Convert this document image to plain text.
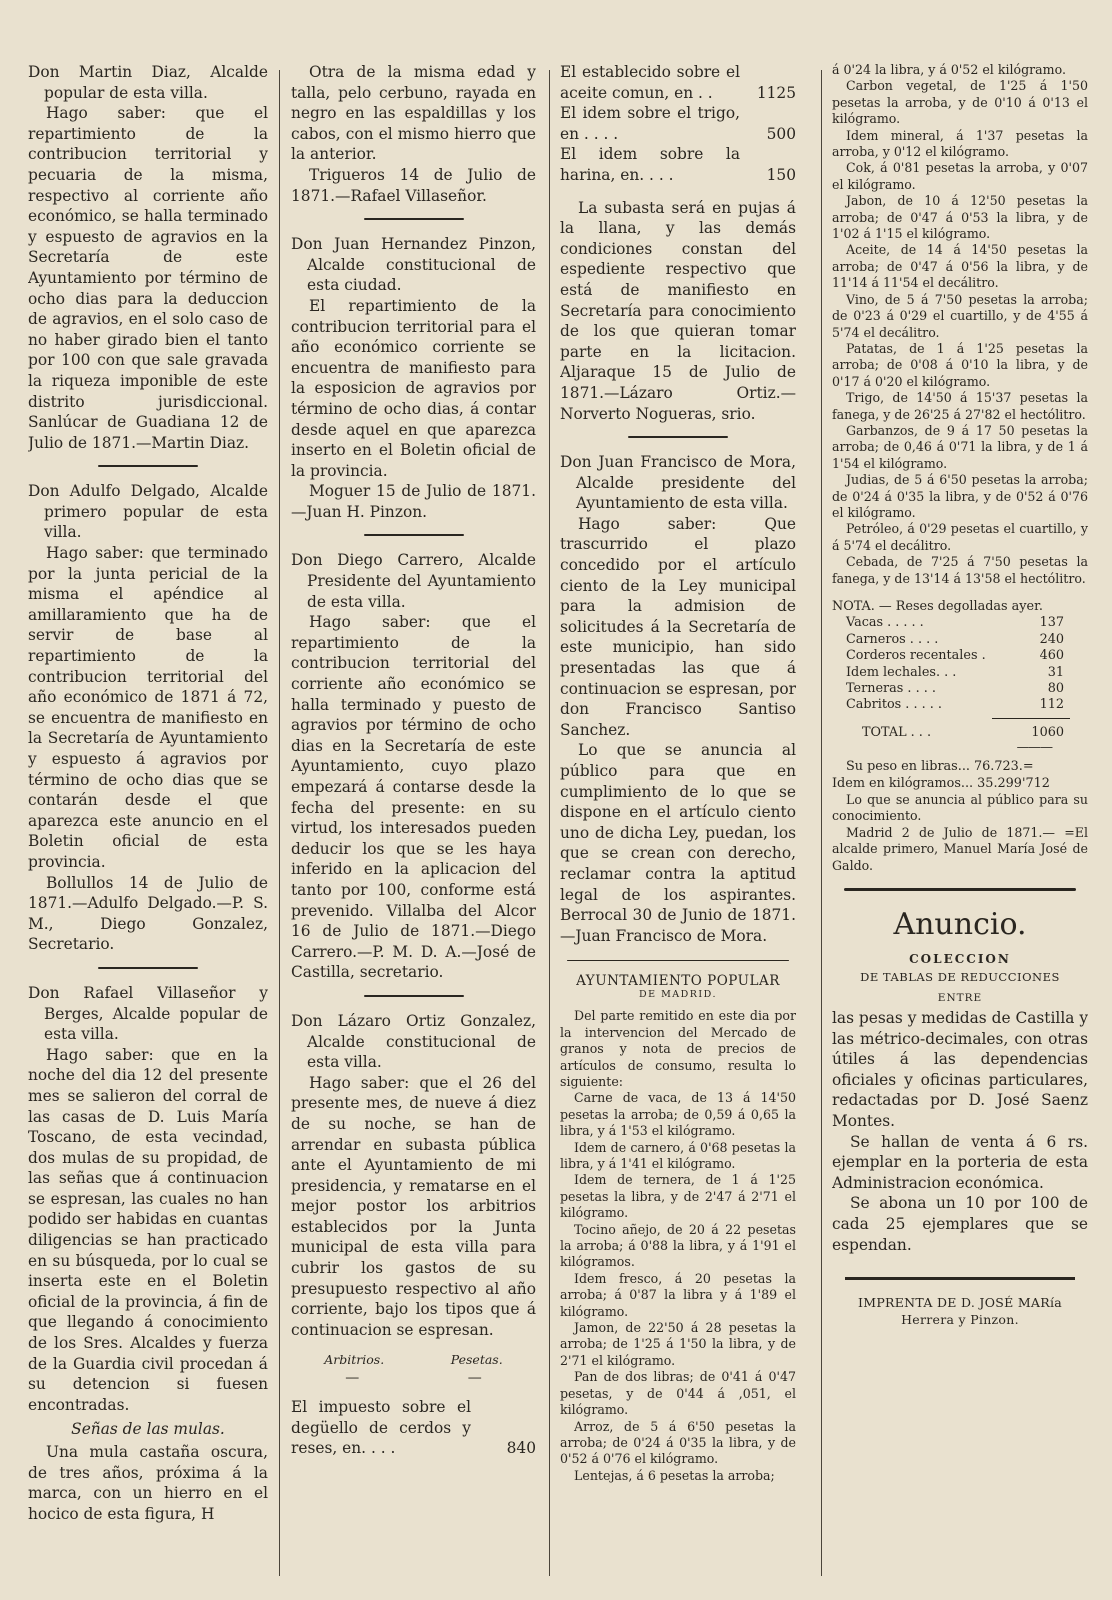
Don Martin Diaz, Alcalde popular de esta villa.

Hago saber: que el repartimiento de la contribucion territorial y pecuaria de la misma, respectivo al corriente año económico, se halla terminado y espuesto de agravios en la Secretaría de este Ayuntamiento por término de ocho dias para la deduccion de agravios, en el solo caso de no haber girado bien el tanto por 100 con que sale gravada la riqueza imponible de este distrito jurisdiccional. Sanlúcar de Guadiana 12 de Julio de 1871.—Martin Diaz.

Don Adulfo Delgado, Alcalde primero popular de esta villa.

Hago saber: que terminado por la junta pericial de la misma el apéndice al amillaramiento que ha de servir de base al repartimiento de la contribucion territorial del año económico de 1871 á 72, se encuentra de manifiesto en la Secretaría de Ayuntamiento y espuesto á agravios por término de ocho dias que se contarán desde el que aparezca este anuncio en el Boletin oficial de esta provincia.

Bollullos 14 de Julio de 1871.—Adulfo Delgado.—P. S. M., Diego Gonzalez, Secretario.

Don Rafael Villaseñor y Berges, Alcalde popular de esta villa.

Hago saber: que en la noche del dia 12 del presente mes se salieron del corral de las casas de D. Luis María Toscano, de esta vecindad, dos mulas de su propidad, de las señas que á continuacion se espresan, las cuales no han podido ser habidas en cuantas diligencias se han practicado en su búsqueda, por lo cual se inserta este en el Boletin oficial de la provincia, á fin de que llegando á conocimiento de los Sres. Alcaldes y fuerza de la Guardia civil procedan á su detencion si fuesen encontradas.

Señas de las mulas.

Una mula castaña oscura, de tres años, próxima á la marca, con un hierro en el hocico de esta figura, H

Otra de la misma edad y talla, pelo cerbuno, rayada en negro en las espaldillas y los cabos, con el mismo hierro que la anterior.

Trigueros 14 de Julio de 1871.—Rafael Villaseñor.

Don Juan Hernandez Pinzon, Alcalde constitucional de esta ciudad.

El repartimiento de la contribucion territorial para el año económico corriente se encuentra de manifiesto para la esposicion de agravios por término de ocho dias, á contar desde aquel en que aparezca inserto en el Boletin oficial de la provincia.

Moguer 15 de Julio de 1871.—Juan H. Pinzon.

Don Diego Carrero, Alcalde Presidente del Ayuntamiento de esta villa.

Hago saber: que el repartimiento de la contribucion territorial del corriente año económico se halla terminado y puesto de agravios por término de ocho dias en la Secretaría de este Ayuntamiento, cuyo plazo empezará á contarse desde la fecha del presente: en su virtud, los interesados pueden deducir los que se les haya inferido en la aplicacion del tanto por 100, conforme está prevenido. Villalba del Alcor 16 de Julio de 1871.—Diego Carrero.—P. M. D. A.—José de Castilla, secretario.

Don Lázaro Ortiz Gonzalez, Alcalde constitucional de esta villa.

Hago saber: que el 26 del presente mes, de nueve á diez de su noche, se han de arrendar en subasta pública ante el Ayuntamiento de mi presidencia, y rematarse en el mejor postor los arbitrios establecidos por la Junta municipal de esta villa para cubrir los gastos de su presupuesto respectivo al año corriente, bajo los tipos que á continuacion se espresan.

Arbitrios.	Pesetas.
—	—
El impuesto sobre el degüello de cerdos y reses, en. . . .	840
El establecido sobre el aceite comun, en . .	1125
El idem sobre el trigo, en . . . .	500
El idem sobre la harina, en. . . .	150

La subasta será en pujas á la llana, y las demás condiciones constan del espediente respectivo que está de manifiesto en Secretaría para conocimiento de los que quieran tomar parte en la licitacion. Aljaraque 15 de Julio de 1871.—Lázaro Ortiz.—Norverto Nogueras, srio.

Don Juan Francisco de Mora, Alcalde presidente del Ayuntamiento de esta villa.

Hago saber: Que trascurrido el plazo concedido por el artículo ciento de la Ley municipal para la admision de solicitudes á la Secretaría de este municipio, han sido presentadas las que á continuacion se espresan, por don Francisco Santiso Sanchez.

Lo que se anuncia al público para que en cumplimiento de lo que se dispone en el artículo ciento uno de dicha Ley, puedan, los que se crean con derecho, reclamar contra la aptitud legal de los aspirantes. Berrocal 30 de Junio de 1871.—Juan Francisco de Mora.

AYUNTAMIENTO POPULAR
DE MADRID.

Del parte remitido en este dia por la intervencion del Mercado de granos y nota de precios de artículos de consumo, resulta lo siguiente:

Carne de vaca, de 13 á 14'50 pesetas la arroba; de 0,59 á 0,65 la libra, y á 1'53 el kilógramo.

Idem de carnero, á 0'68 pesetas la libra, y á 1'41 el kilógramo.

Idem de ternera, de 1 á 1'25 pesetas la libra, y de 2'47 á 2'71 el kilógramo.

Tocino añejo, de 20 á 22 pesetas la arroba; á 0'88 la libra, y á 1'91 el kilógramos.

Idem fresco, á 20 pesetas la arroba; á 0'87 la libra y á 1'89 el kilógramo.

Jamon, de 22'50 á 28 pesetas la arroba; de 1'25 á 1'50 la libra, y de 2'71 el kilógramo.

Pan de dos libras; de 0'41 á 0'47 pesetas, y de 0'44 á ,051, el kilógramo.

Arroz, de 5 á 6'50 pesetas la arroba; de 0'24 á 0'35 la libra, y de 0'52 á 0'76 el kilógramo.

Lentejas, á 6 pesetas la arroba;

á 0'24 la libra, y á 0'52 el kilógramo.

Carbon vegetal, de 1'25 á 1'50 pesetas la arroba, y de 0'10 á 0'13 el kilógramo.

Idem mineral, á 1'37 pesetas la arroba, y 0'12 el kilógramo.

Cok, á 0'81 pesetas la arroba, y 0'07 el kilógramo.

Jabon, de 10 á 12'50 pesetas la arroba; de 0'47 á 0'53 la libra, y de 1'02 á 1'15 el kilógramo.

Aceite, de 14 á 14'50 pesetas la arroba; de 0'47 á 0'56 la libra, y de 11'14 á 11'54 el decálitro.

Vino, de 5 á 7'50 pesetas la arroba; de 0'23 á 0'29 el cuartillo, y de 4'55 á 5'74 el decálitro.

Patatas, de 1 á 1'25 pesetas la arroba; de 0'08 á 0'10 la libra, y de 0'17 á 0'20 el kilógramo.

Trigo, de 14'50 á 15'37 pesetas la fanega, y de 26'25 á 27'82 el hectólitro.

Garbanzos, de 9 á 17 50 pesetas la arroba; de 0,46 á 0'71 la libra, y de 1 á 1'54 el kilógramo.

Judias, de 5 á 6'50 pesetas la arroba; de 0'24 á 0'35 la libra, y de 0'52 á 0'76 el kilógramo.

Petróleo, á 0'29 pesetas el cuartillo, y á 5'74 el decálitro.

Cebada, de 7'25 á 7'50 pesetas la fanega, y de 13'14 á 13'58 el hectólitro.

NOTA. — Reses degolladas ayer.
Vacas . . . . .	137
Carneros . . . .	240
Corderos recentales .	460
Idem lechales. . .	31
Terneras . . . .	80
Cabritos . . . . .	112
TOTAL . . .	1060
———
Su peso en libras... 76.723.=
Idem en kilógramos... 35.299'712

Lo que se anuncia al público para su conocimiento.

Madrid 2 de Julio de 1871.— =El alcalde primero, Manuel María José de Galdo.

Anuncio.
COLECCION
DE TABLAS DE REDUCCIONES
ENTRE

las pesas y medidas de Castilla y las métrico-decimales, con otras útiles á las dependencias oficiales y oficinas particulares, redactadas por D. José Saenz Montes.

Se hallan de venta á 6 rs. ejemplar en la porteria de esta Administracion económica.

Se abona un 10 por 100 de cada 25 ejemplares que se espendan.

IMPRENTA DE D. JOSÉ MARía Herrera y Pinzon.
